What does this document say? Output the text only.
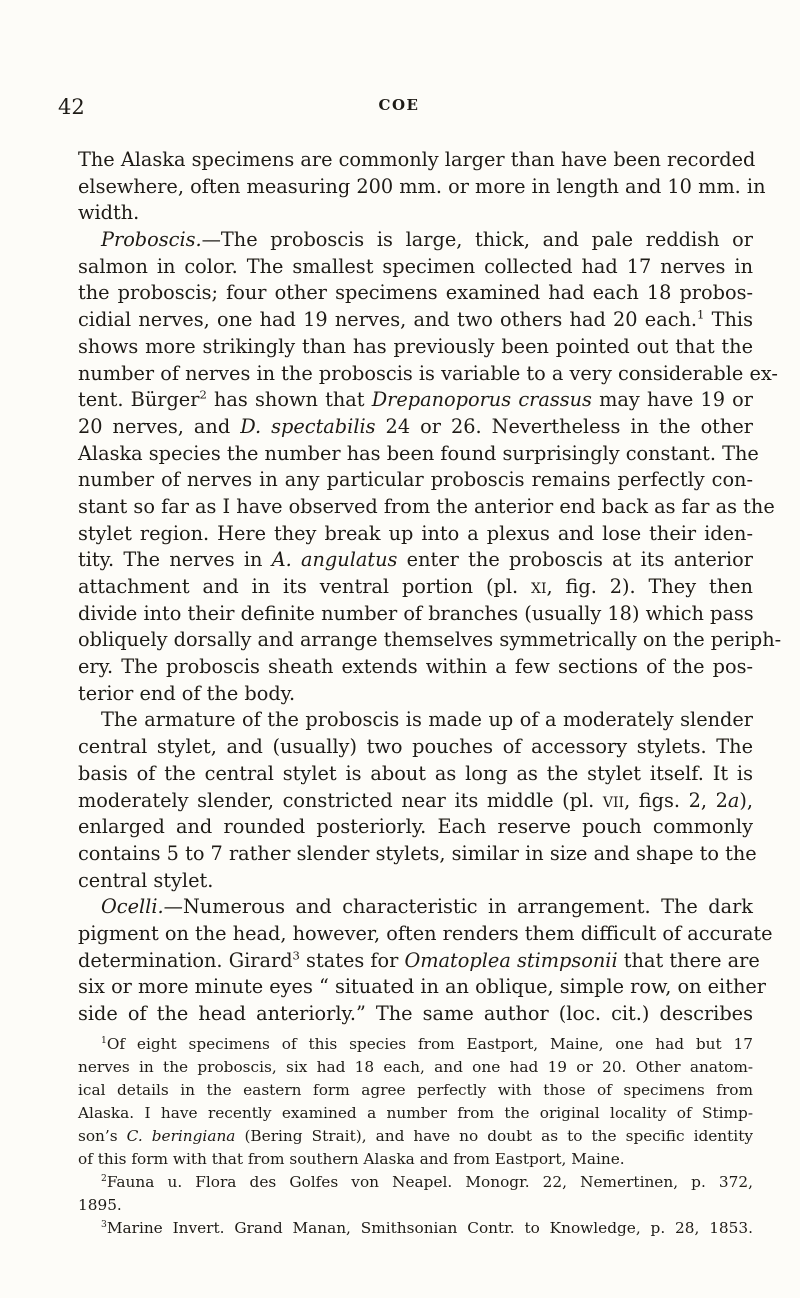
42	COE
The Alaska specimens are commonly larger than have been recorded
elsewhere, often measuring 200 mm. or more in length and 10 mm. in
width.
Proboscis.—The proboscis is large, thick, and pale reddish or
salmon in color. The smallest specimen collected had 17 nerves in
the proboscis; four other specimens examined had each 18 probos-
cidial nerves, one had 19 nerves, and two others had 20 each.$^1$ This
shows more strikingly than has previously been pointed out that the
number of nerves in the proboscis is variable to a very considerable ex-
tent. Bürger$^2$ has shown that Drepanoporus crassus may have 19 or
20 nerves, and D. spectabilis 24 or 26. Nevertheless in the other
Alaska species the number has been found surprisingly constant. The
number of nerves in any particular proboscis remains perfectly con-
stant so far as I have observed from the anterior end back as far as the
stylet region. Here they break up into a plexus and lose their iden-
tity. The nerves in A. angulatus enter the proboscis at its anterior
attachment and in its ventral portion (pl. xi, fig. 2). They then
divide into their definite number of branches (usually 18) which pass
obliquely dorsally and arrange themselves symmetrically on the periph-
ery. The proboscis sheath extends within a few sections of the pos-
terior end of the body.
The armature of the proboscis is made up of a moderately slender
central stylet, and (usually) two pouches of accessory stylets. The
basis of the central stylet is about as long as the stylet itself. It is
moderately slender, constricted near its middle (pl. vii, figs. 2, 2a),
enlarged and rounded posteriorly. Each reserve pouch commonly
contains 5 to 7 rather slender stylets, similar in size and shape to the
central stylet.
Ocelli.—Numerous and characteristic in arrangement. The dark
pigment on the head, however, often renders them difficult of accurate
determination. Girard$^3$ states for Omatoplea stimpsonii that there are
six or more minute eyes “ situated in an oblique, simple row, on either
side of the head anteriorly.” The same author (loc. cit.) describes
$^1$Of eight specimens of this species from Eastport, Maine, one had but 17
nerves in the proboscis, six had 18 each, and one had 19 or 20. Other anatom-
ical details in the eastern form agree perfectly with those of specimens from
Alaska. I have recently examined a number from the original locality of Stimp-
son’s C. beringiana (Bering Strait), and have no doubt as to the specific identity
of this form with that from southern Alaska and from Eastport, Maine.
$^2$Fauna u. Flora des Golfes von Neapel. Monogr. 22, Nemertinen, p. 372,
1895.
$^3$Marine Invert. Grand Manan, Smithsonian Contr. to Knowledge, p. 28, 1853.
